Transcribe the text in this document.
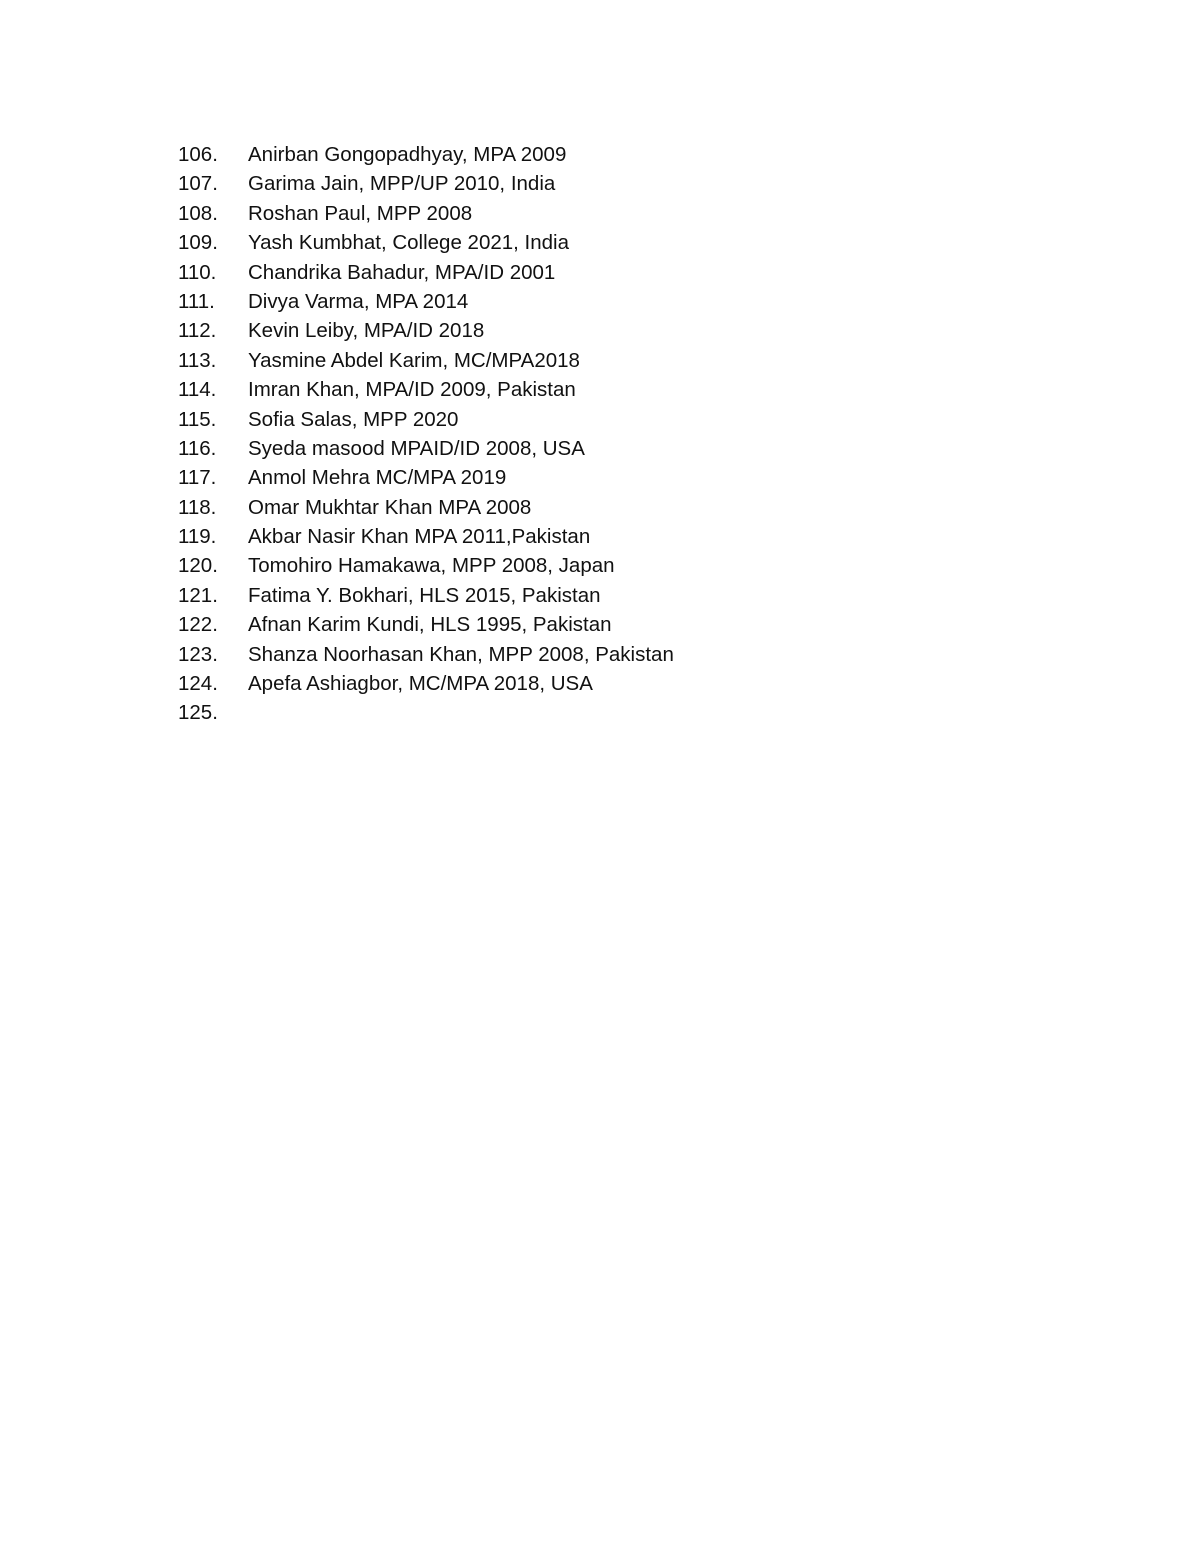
106.	Anirban Gongopadhyay, MPA 2009
107.	Garima Jain, MPP/UP 2010, India
108.	Roshan Paul, MPP 2008
109.	Yash Kumbhat, College 2021, India
110.	Chandrika Bahadur, MPA/ID 2001
111.	Divya Varma, MPA 2014
112.	Kevin Leiby, MPA/ID 2018
113.	Yasmine Abdel Karim, MC/MPA2018
114.	Imran Khan, MPA/ID 2009, Pakistan
115.	Sofia Salas, MPP 2020
116.	Syeda masood MPAID/ID 2008, USA
117.	Anmol Mehra MC/MPA 2019
118.	Omar Mukhtar Khan MPA 2008
119.	Akbar Nasir Khan MPA 2011,Pakistan
120.	Tomohiro Hamakawa, MPP 2008, Japan
121.	Fatima Y. Bokhari, HLS 2015, Pakistan
122.	Afnan Karim Kundi, HLS 1995, Pakistan
123.	Shanza Noorhasan Khan, MPP 2008, Pakistan
124.	Apefa Ashiagbor, MC/MPA 2018, USA
125.
